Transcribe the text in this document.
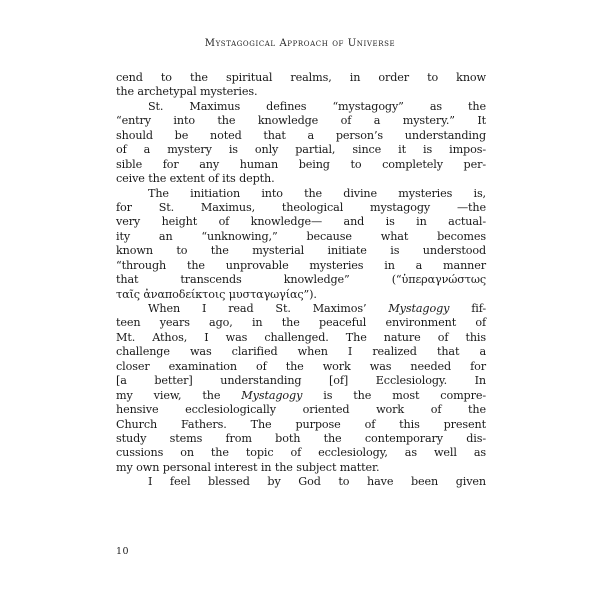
Mystagogical Approach of Universe
cend to the spiritual realms, in order to know
the archetypal mysteries.
St. Maximus defines “mystagogy” as the
“entry into the knowledge of a mystery.” It
should be noted that a person’s understanding
of a mystery is only partial, since it is impos-
sible for any human being to completely per-
ceive the extent of its depth.
The initiation into the divine mysteries is,
for St. Maximus, theological mystagogy —the
very height of knowledge— and is in actual-
ity an “unknowing,” because what becomes
known to the mysterial initiate is understood
“through the unprovable mysteries in a manner
that transcends knowledge” (“ὑπεραγνώστως
ταῖς ἀναποδείκτοις μυσταγωγίας”).
When I read St. Maximos’ Mystagogy fif-
teen years ago, in the peaceful environment of
Mt. Athos, I was challenged. The nature of this
challenge was clarified when I realized that a
closer examination of the work was needed for
[a better] understanding [of] Ecclesiology. In
my view, the Mystagogy is the most compre-
hensive ecclesiologically oriented work of the
Church Fathers. The purpose of this present
study stems from both the contemporary dis-
cussions on the topic of ecclesiology, as well as
my own personal interest in the subject matter.
I feel blessed by God to have been given
10
